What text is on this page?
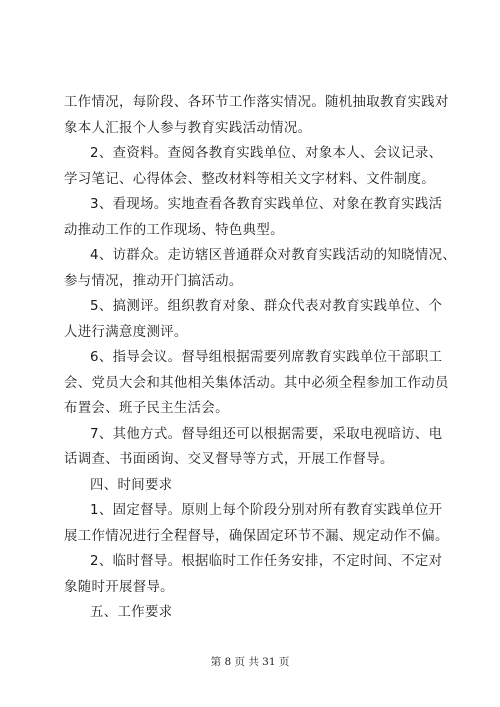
工作情况，每阶段、各环节工作落实情况。随机抽取教育实践对
象本人汇报个人参与教育实践活动情况。
2、查资料。查阅各教育实践单位、对象本人、会议记录、
学习笔记、心得体会、整改材料等相关文字材料、文件制度。
3、看现场。实地查看各教育实践单位、对象在教育实践活
动推动工作的工作现场、特色典型。
4、访群众。走访辖区普通群众对教育实践活动的知晓情况、
参与情况，推动开门搞活动。
5、搞测评。组织教育对象、群众代表对教育实践单位、个
人进行满意度测评。
6、指导会议。督导组根据需要列席教育实践单位干部职工
会、党员大会和其他相关集体活动。其中必须全程参加工作动员
布置会、班子民主生活会。
7、其他方式。督导组还可以根据需要，采取电视暗访、电
话调查、书面函询、交叉督导等方式，开展工作督导。
四、时间要求
1、固定督导。原则上每个阶段分别对所有教育实践单位开
展工作情况进行全程督导，确保固定环节不漏、规定动作不偏。
2、临时督导。根据临时工作任务安排，不定时间、不定对
象随时开展督导。
五、工作要求
第 8 页 共 31 页
